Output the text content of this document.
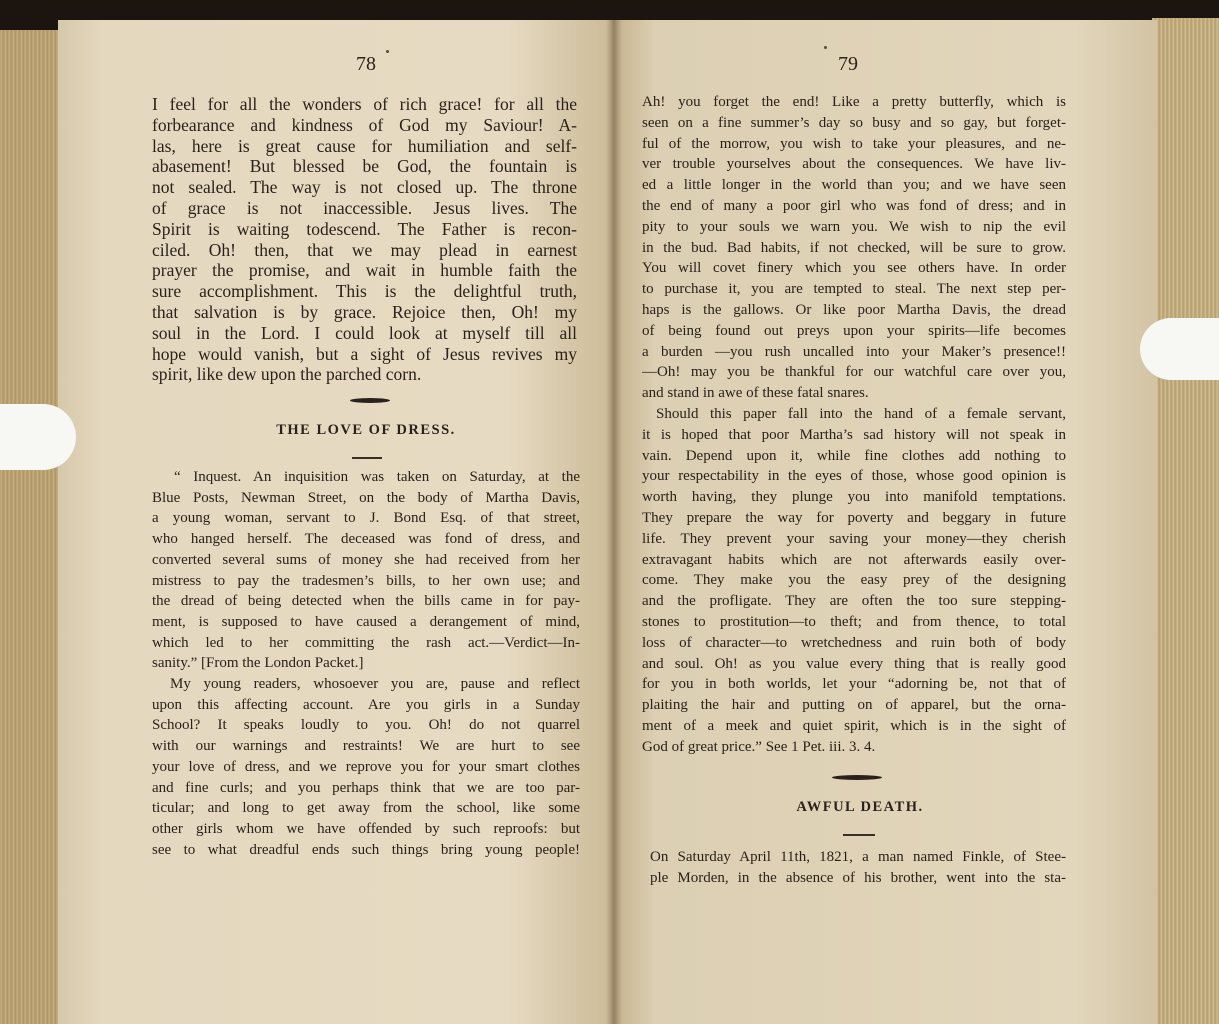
78	79
I feel for all the wonders of rich grace! for all the
forbearance and kindness of God my Saviour! A-
las, here is great cause for humiliation and self-
abasement! But blessed be God, the fountain is
not sealed. The way is not closed up. The throne
of grace is not inaccessible. Jesus lives. The
Spirit is waiting todescend. The Father is recon-
ciled. Oh! then, that we may plead in earnest
prayer the promise, and wait in humble faith the
sure accomplishment. This is the delightful truth,
that salvation is by grace. Rejoice then, Oh! my
soul in the Lord. I could look at myself till all
hope would vanish, but a sight of Jesus revives my
spirit, like dew upon the parched corn.
THE LOVE OF DRESS.
“ Inquest. An inquisition was taken on Saturday, at the
Blue Posts, Newman Street, on the body of Martha Davis,
a young woman, servant to J. Bond Esq. of that street,
who hanged herself. The deceased was fond of dress, and
converted several sums of money she had received from her
mistress to pay the tradesmen’s bills, to her own use; and
the dread of being detected when the bills came in for pay-
ment, is supposed to have caused a derangement of mind,
which led to her committing the rash act.—Verdict—In-
sanity.” [From the London Packet.]
My young readers, whosoever you are, pause and reflect
upon this affecting account. Are you girls in a Sunday
School? It speaks loudly to you. Oh! do not quarrel
with our warnings and restraints! We are hurt to see
your love of dress, and we reprove you for your smart clothes
and fine curls; and you perhaps think that we are too par-
ticular; and long to get away from the school, like some
other girls whom we have offended by such reproofs: but
see to what dreadful ends such things bring young people!
Ah! you forget the end! Like a pretty butterfly, which is
seen on a fine summer’s day so busy and so gay, but forget-
ful of the morrow, you wish to take your pleasures, and ne-
ver trouble yourselves about the consequences. We have liv-
ed a little longer in the world than you; and we have seen
the end of many a poor girl who was fond of dress; and in
pity to your souls we warn you. We wish to nip the evil
in the bud. Bad habits, if not checked, will be sure to grow.
You will covet finery which you see others have. In order
to purchase it, you are tempted to steal. The next step per-
haps is the gallows. Or like poor Martha Davis, the dread
of being found out preys upon your spirits—life becomes
a burden —you rush uncalled into your Maker’s presence!!
—Oh! may you be thankful for our watchful care over you,
and stand in awe of these fatal snares.
Should this paper fall into the hand of a female servant,
it is hoped that poor Martha’s sad history will not speak in
vain. Depend upon it, while fine clothes add nothing to
your respectability in the eyes of those, whose good opinion is
worth having, they plunge you into manifold temptations.
They prepare the way for poverty and beggary in future
life. They prevent your saving your money—they cherish
extravagant habits which are not afterwards easily over-
come. They make you the easy prey of the designing
and the profligate. They are often the too sure stepping-
stones to prostitution—to theft; and from thence, to total
loss of character—to wretchedness and ruin both of body
and soul. Oh! as you value every thing that is really good
for you in both worlds, let your “adorning be, not that of
plaiting the hair and putting on of apparel, but the orna-
ment of a meek and quiet spirit, which is in the sight of
God of great price.” See 1 Pet. iii. 3. 4.
AWFUL DEATH.
On Saturday April 11th, 1821, a man named Finkle, of Stee-
ple Morden, in the absence of his brother, went into the sta-
